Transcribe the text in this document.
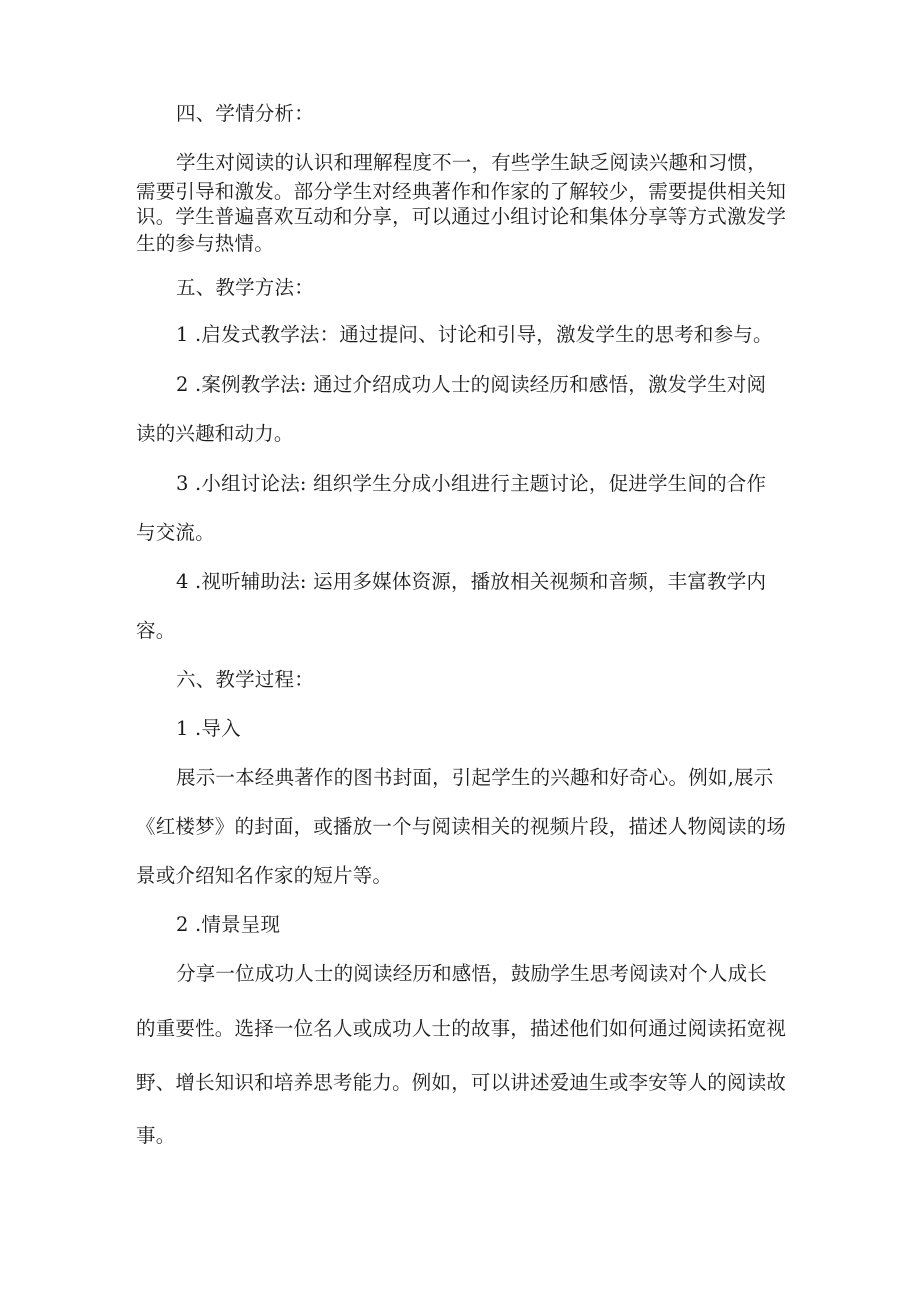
四、学情分析：
学生对阅读的认识和理解程度不一，有些学生缺乏阅读兴趣和习惯，
需要引导和激发。部分学生对经典著作和作家的了解较少，需要提供相关知
识。学生普遍喜欢互动和分享，可以通过小组讨论和集体分享等方式激发学
生的参与热情。
五、教学方法：
1 .启发式教学法：通过提问、讨论和引导，激发学生的思考和参与。
2 .案例教学法: 通过介绍成功人士的阅读经历和感悟，激发学生对阅
读的兴趣和动力。
3 .小组讨论法: 组织学生分成小组进行主题讨论，促进学生间的合作
与交流。
4 .视听辅助法: 运用多媒体资源，播放相关视频和音频，丰富教学内
容。
六、教学过程：
1 .导入
展示一本经典著作的图书封面，引起学生的兴趣和好奇心。例如,展示
《红楼梦》的封面，或播放一个与阅读相关的视频片段，描述人物阅读的场
景或介绍知名作家的短片等。
2 .情景呈现
分享一位成功人士的阅读经历和感悟，鼓励学生思考阅读对个人成长
的重要性。选择一位名人或成功人士的故事，描述他们如何通过阅读拓宽视
野、增长知识和培养思考能力。例如，可以讲述爱迪生或李安等人的阅读故
事。
